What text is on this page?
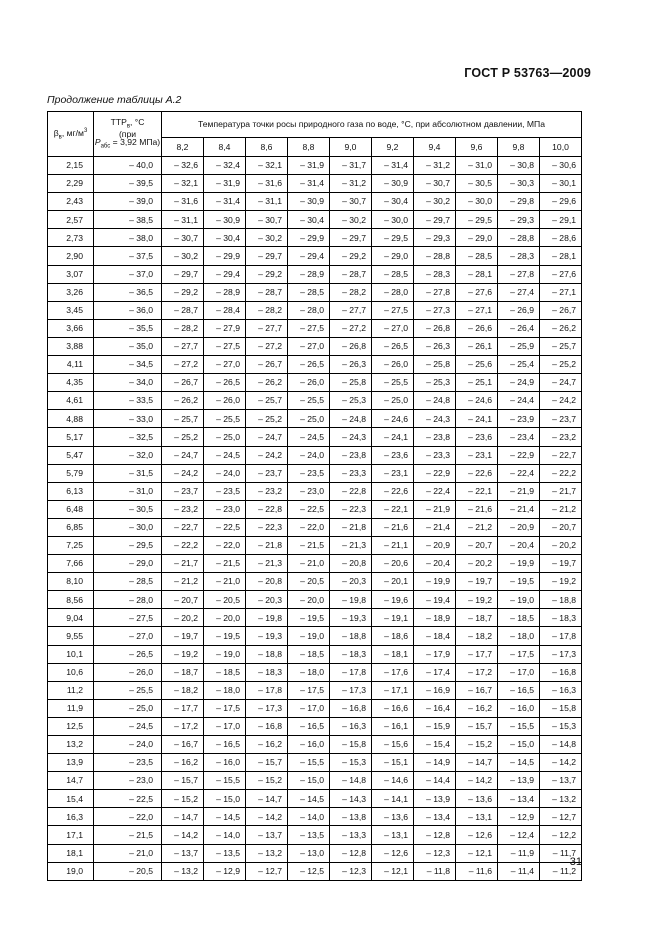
ГОСТ Р 53763—2009
Продолжение таблицы А.2
$\beta_в$, $мг/м^3$	$ТТР_в$, °С
(при
$Р_{абс} = 3,92$ МПа)	Температура точки росы природного газа по воде, °С, при абсолютном давлении, МПа									
		8,2	8,4	8,6	8,8	9,0	9,2	9,4	9,6	9,8	10,0
2,15	– 40,0	– 32,6	– 32,4	– 32,1	– 31,9	– 31,7	– 31,4	– 31,2	– 31,0	– 30,8	– 30,6
2,29	– 39,5	– 32,1	– 31,9	– 31,6	– 31,4	– 31,2	– 30,9	– 30,7	– 30,5	– 30,3	– 30,1
2,43	– 39,0	– 31,6	– 31,4	– 31,1	– 30,9	– 30,7	– 30,4	– 30,2	– 30,0	– 29,8	– 29,6
2,57	– 38,5	– 31,1	– 30,9	– 30,7	– 30,4	– 30,2	– 30,0	– 29,7	– 29,5	– 29,3	– 29,1
2,73	– 38,0	– 30,7	– 30,4	– 30,2	– 29,9	– 29,7	– 29,5	– 29,3	– 29,0	– 28,8	– 28,6
2,90	– 37,5	– 30,2	– 29,9	– 29,7	– 29,4	– 29,2	– 29,0	– 28,8	– 28,5	– 28,3	– 28,1
3,07	– 37,0	– 29,7	– 29,4	– 29,2	– 28,9	– 28,7	– 28,5	– 28,3	– 28,1	– 27,8	– 27,6
3,26	– 36,5	– 29,2	– 28,9	– 28,7	– 28,5	– 28,2	– 28,0	– 27,8	– 27,6	– 27,4	– 27,1
3,45	– 36,0	– 28,7	– 28,4	– 28,2	– 28,0	– 27,7	– 27,5	– 27,3	– 27,1	– 26,9	– 26,7
3,66	– 35,5	– 28,2	– 27,9	– 27,7	– 27,5	– 27,2	– 27,0	– 26,8	– 26,6	– 26,4	– 26,2
3,88	– 35,0	– 27,7	– 27,5	– 27,2	– 27,0	– 26,8	– 26,5	– 26,3	– 26,1	– 25,9	– 25,7
4,11	– 34,5	– 27,2	– 27,0	– 26,7	– 26,5	– 26,3	– 26,0	– 25,8	– 25,6	– 25,4	– 25,2
4,35	– 34,0	– 26,7	– 26,5	– 26,2	– 26,0	– 25,8	– 25,5	– 25,3	– 25,1	– 24,9	– 24,7
4,61	– 33,5	– 26,2	– 26,0	– 25,7	– 25,5	– 25,3	– 25,0	– 24,8	– 24,6	– 24,4	– 24,2
4,88	– 33,0	– 25,7	– 25,5	– 25,2	– 25,0	– 24,8	– 24,6	– 24,3	– 24,1	– 23,9	– 23,7
5,17	– 32,5	– 25,2	– 25,0	– 24,7	– 24,5	– 24,3	– 24,1	– 23,8	– 23,6	– 23,4	– 23,2
5,47	– 32,0	– 24,7	– 24,5	– 24,2	– 24,0	– 23,8	– 23,6	– 23,3	– 23,1	– 22,9	– 22,7
5,79	– 31,5	– 24,2	– 24,0	– 23,7	– 23,5	– 23,3	– 23,1	– 22,9	– 22,6	– 22,4	– 22,2
6,13	– 31,0	– 23,7	– 23,5	– 23,2	– 23,0	– 22,8	– 22,6	– 22,4	– 22,1	– 21,9	– 21,7
6,48	– 30,5	– 23,2	– 23,0	– 22,8	– 22,5	– 22,3	– 22,1	– 21,9	– 21,6	– 21,4	– 21,2
6,85	– 30,0	– 22,7	– 22,5	– 22,3	– 22,0	– 21,8	– 21,6	– 21,4	– 21,2	– 20,9	– 20,7
7,25	– 29,5	– 22,2	– 22,0	– 21,8	– 21,5	– 21,3	– 21,1	– 20,9	– 20,7	– 20,4	– 20,2
7,66	– 29,0	– 21,7	– 21,5	– 21,3	– 21,0	– 20,8	– 20,6	– 20,4	– 20,2	– 19,9	– 19,7
8,10	– 28,5	– 21,2	– 21,0	– 20,8	– 20,5	– 20,3	– 20,1	– 19,9	– 19,7	– 19,5	– 19,2
8,56	– 28,0	– 20,7	– 20,5	– 20,3	– 20,0	– 19,8	– 19,6	– 19,4	– 19,2	– 19,0	– 18,8
9,04	– 27,5	– 20,2	– 20,0	– 19,8	– 19,5	– 19,3	– 19,1	– 18,9	– 18,7	– 18,5	– 18,3
9,55	– 27,0	– 19,7	– 19,5	– 19,3	– 19,0	– 18,8	– 18,6	– 18,4	– 18,2	– 18,0	– 17,8
10,1	– 26,5	– 19,2	– 19,0	– 18,8	– 18,5	– 18,3	– 18,1	– 17,9	– 17,7	– 17,5	– 17,3
10,6	– 26,0	– 18,7	– 18,5	– 18,3	– 18,0	– 17,8	– 17,6	– 17,4	– 17,2	– 17,0	– 16,8
11,2	– 25,5	– 18,2	– 18,0	– 17,8	– 17,5	– 17,3	– 17,1	– 16,9	– 16,7	– 16,5	– 16,3
11,9	– 25,0	– 17,7	– 17,5	– 17,3	– 17,0	– 16,8	– 16,6	– 16,4	– 16,2	– 16,0	– 15,8
12,5	– 24,5	– 17,2	– 17,0	– 16,8	– 16,5	– 16,3	– 16,1	– 15,9	– 15,7	– 15,5	– 15,3
13,2	– 24,0	– 16,7	– 16,5	– 16,2	– 16,0	– 15,8	– 15,6	– 15,4	– 15,2	– 15,0	– 14,8
13,9	– 23,5	– 16,2	– 16,0	– 15,7	– 15,5	– 15,3	– 15,1	– 14,9	– 14,7	– 14,5	– 14,2
14,7	– 23,0	– 15,7	– 15,5	– 15,2	– 15,0	– 14,8	– 14,6	– 14,4	– 14,2	– 13,9	– 13,7
15,4	– 22,5	– 15,2	– 15,0	– 14,7	– 14,5	– 14,3	– 14,1	– 13,9	– 13,6	– 13,4	– 13,2
16,3	– 22,0	– 14,7	– 14,5	– 14,2	– 14,0	– 13,8	– 13,6	– 13,4	– 13,1	– 12,9	– 12,7
17,1	– 21,5	– 14,2	– 14,0	– 13,7	– 13,5	– 13,3	– 13,1	– 12,8	– 12,6	– 12,4	– 12,2
18,1	– 21,0	– 13,7	– 13,5	– 13,2	– 13,0	– 12,8	– 12,6	– 12,3	– 12,1	– 11,9	– 11,7
19,0	– 20,5	– 13,2	– 12,9	– 12,7	– 12,5	– 12,3	– 12,1	– 11,8	– 11,6	– 11,4	– 11,2
31
